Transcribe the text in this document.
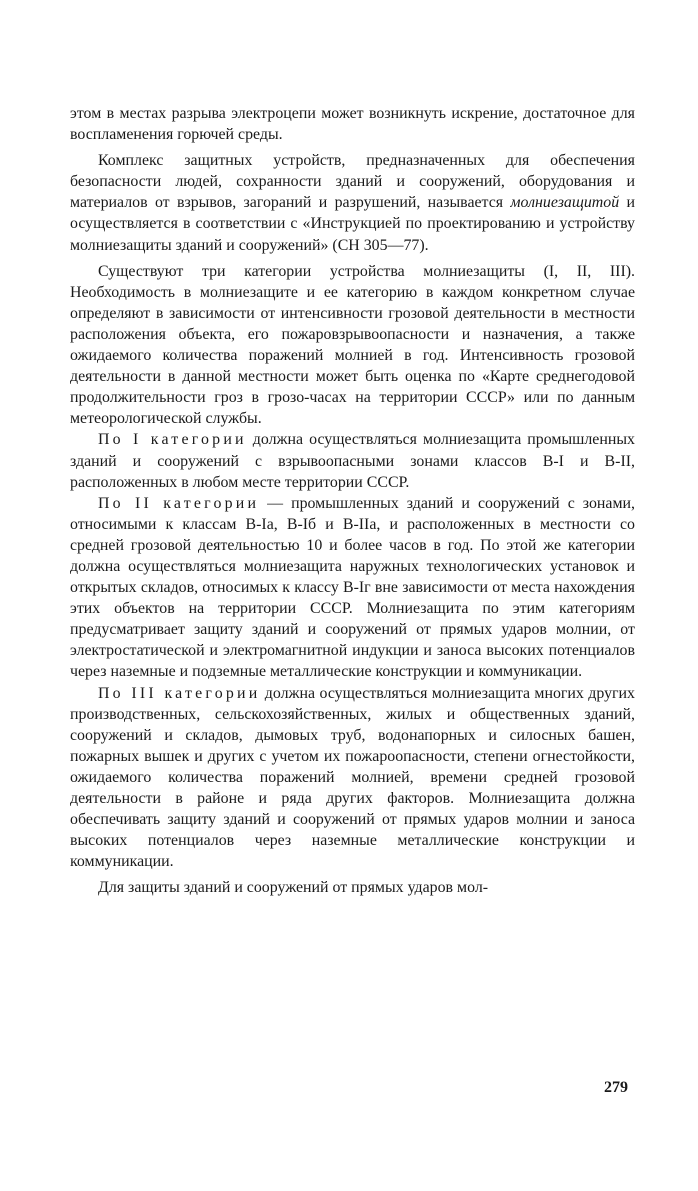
этом в местах разрыва электроцепи может возникнуть искрение, достаточное для воспламенения горючей среды.

Комплекс защитных устройств, предназначенных для обеспечения безопасности людей, сохранности зданий и сооружений, оборудования и материалов от взрывов, загораний и разрушений, называется молниезащитой и осуществляется в соответствии с «Инструкцией по проектированию и устройству молниезащиты зданий и сооружений» (СН 305—77).

Существуют три категории устройства молниезащиты (I, II, III). Необходимость в молниезащите и ее категорию в каждом конкретном случае определяют в зависимости от интенсивности грозовой деятельности в местности расположения объекта, его пожаровзрывоопасности и назначения, а также ожидаемого количества поражений молнией в год. Интенсивность грозовой деятельности в данной местности может быть оценка по «Карте среднегодовой продолжительности гроз в грозо-часах на территории СССР» или по данным метеорологической службы.

По I категории должна осуществляться молниезащита промышленных зданий и сооружений с взрывоопасными зонами классов В-I и В-II, расположенных в любом месте территории СССР.

По II категории — промышленных зданий и сооружений с зонами, относимыми к классам В-Iа, В-Iб и В-IIа, и расположенных в местности со средней грозовой деятельностью 10 и более часов в год. По этой же категории должна осуществляться молниезащита наружных технологических установок и открытых складов, относимых к классу В-Iг вне зависимости от места нахождения этих объектов на территории СССР. Молниезащита по этим категориям предусматривает защиту зданий и сооружений от прямых ударов молнии, от электростатической и электромагнитной индукции и заноса высоких потенциалов через наземные и подземные металлические конструкции и коммуникации.

По III категории должна осуществляться молниезащита многих других производственных, сельскохозяйственных, жилых и общественных зданий, сооружений и складов, дымовых труб, водонапорных и силосных башен, пожарных вышек и других с учетом их пожароопасности, степени огнестойкости, ожидаемого количества поражений молнией, времени средней грозовой деятельности в районе и ряда других факторов. Молниезащита должна обеспечивать защиту зданий и сооружений от прямых ударов молнии и заноса высоких потенциалов через наземные металлические конструкции и коммуникации.

Для защиты зданий и сооружений от прямых ударов мол-

279
